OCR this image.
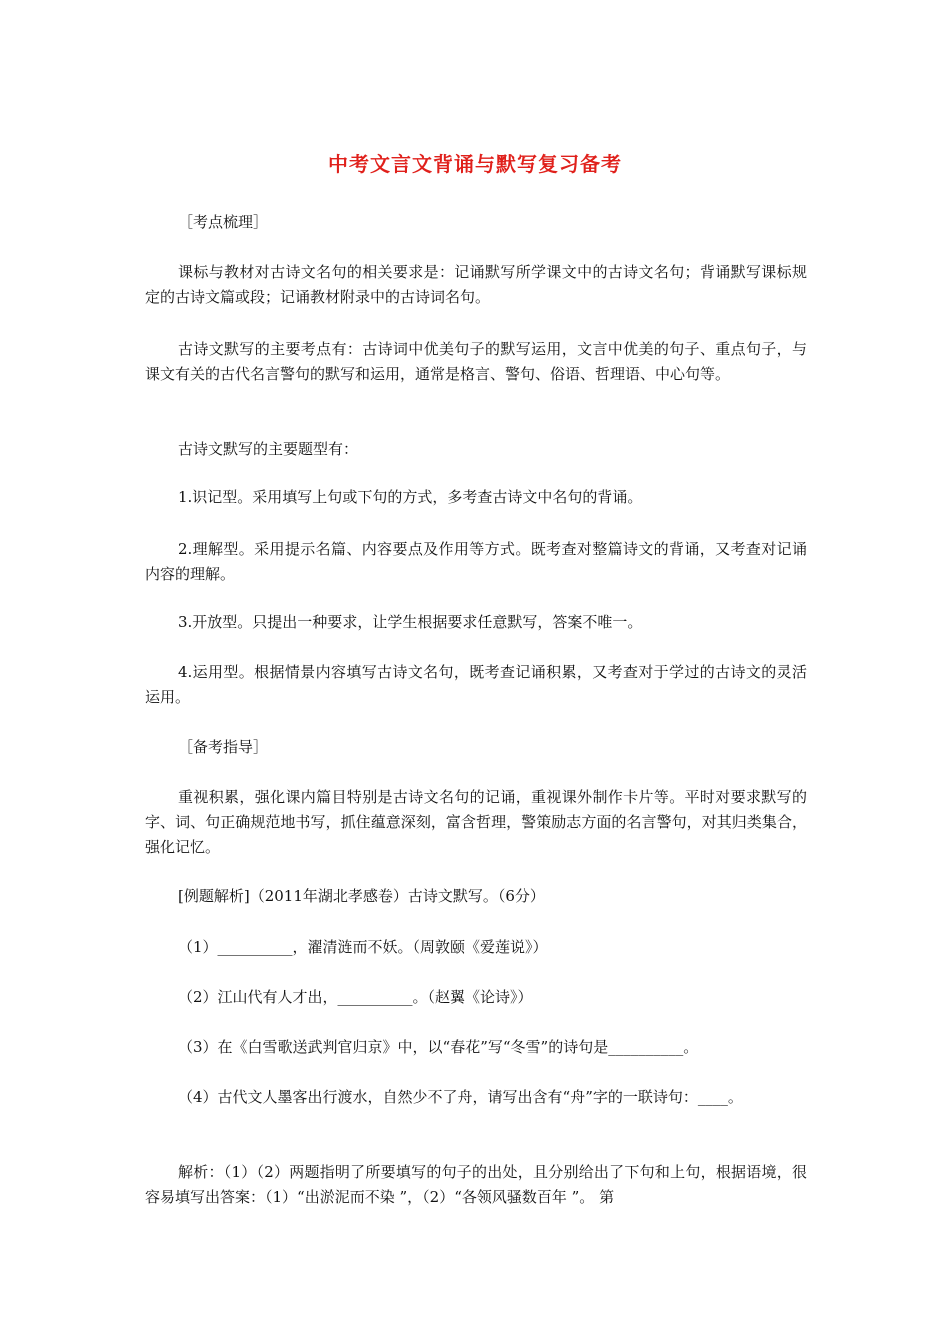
中考文言文背诵与默写复习备考

［考点梳理］

课标与教材对古诗文名句的相关要求是：记诵默写所学课文中的古诗文名句；背诵默写课标规定的古诗文篇或段；记诵教材附录中的古诗词名句。

古诗文默写的主要考点有：古诗词中优美句子的默写运用，文言中优美的句子、重点句子，与课文有关的古代名言警句的默写和运用，通常是格言、警句、俗语、哲理语、中心句等。

古诗文默写的主要题型有：

1.识记型。采用填写上句或下句的方式，多考查古诗文中名句的背诵。

2.理解型。采用提示名篇、内容要点及作用等方式。既考查对整篇诗文的背诵，又考查对记诵内容的理解。

3.开放型。只提出一种要求，让学生根据要求任意默写，答案不唯一。

4.运用型。根据情景内容填写古诗文名句，既考查记诵积累，又考查对于学过的古诗文的灵活运用。

［备考指导］

重视积累，强化课内篇目特别是古诗文名句的记诵，重视课外制作卡片等。平时对要求默写的字、词、句正确规范地书写，抓住蕴意深刻，富含哲理，警策励志方面的名言警句，对其归类集合，强化记忆。

[例题解析]（2011年湖北孝感卷）古诗文默写。（6分）

（1）__________，濯清涟而不妖。（周敦颐《爱莲说》）

（2）江山代有人才出，__________。（赵翼《论诗》）

（3）在《白雪歌送武判官归京》中，以“春花”写“冬雪”的诗句是__________。

（4）古代文人墨客出行渡水，自然少不了舟，请写出含有“舟”字的一联诗句：____。

解析：（1）（2）两题指明了所要填写的句子的出处，且分别给出了下句和上句，根据语境，很容易填写出答案：（1）“出淤泥而不染 ”，（2）“各领风骚数百年 ”。 第
